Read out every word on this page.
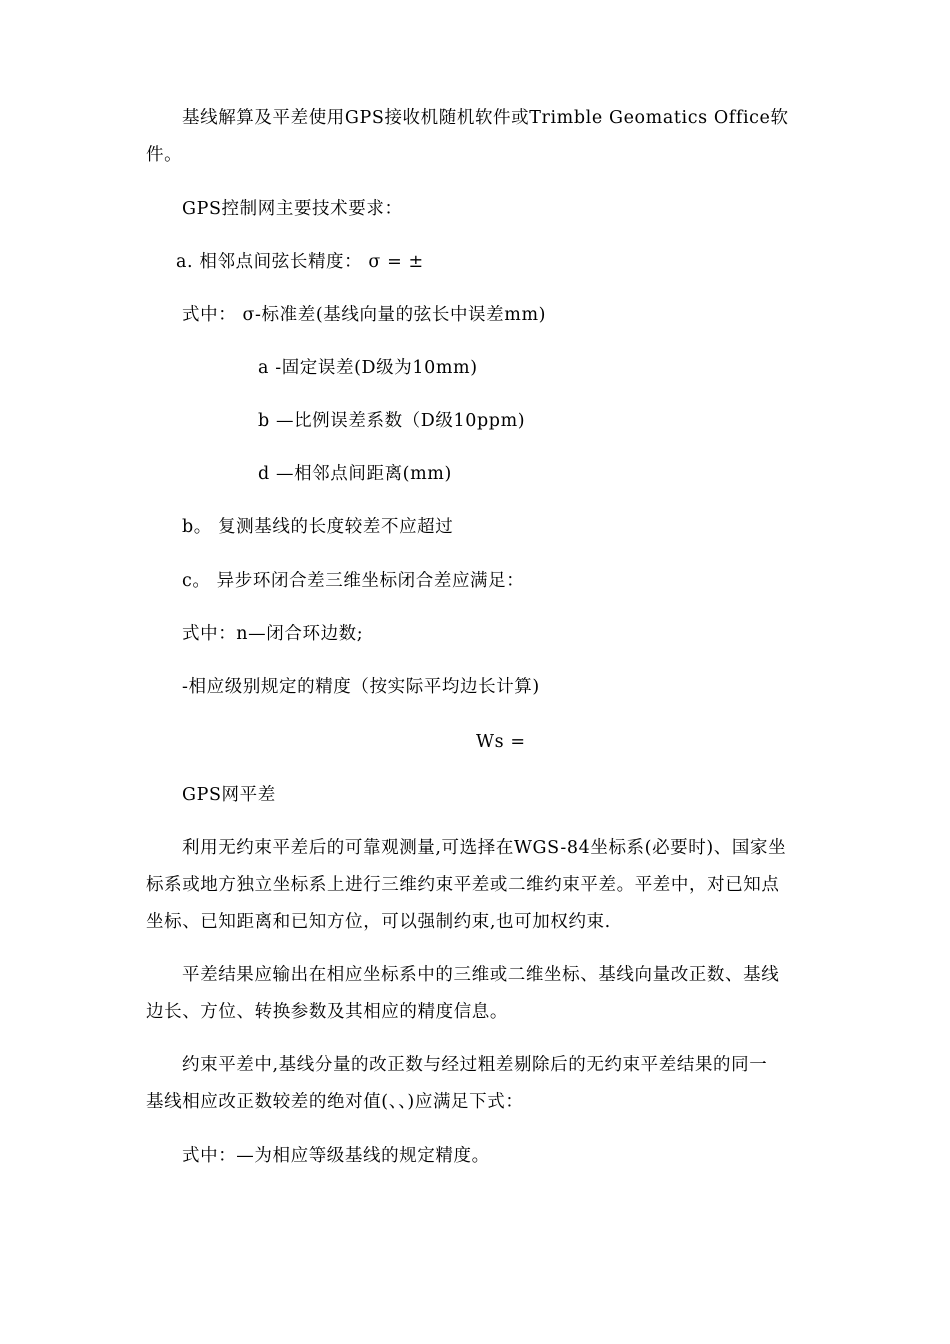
基线解算及平差使用GPS接收机随机软件或Trimble Geomatics Office软
件。
GPS控制网主要技术要求：
a. 相邻点间弦长精度： σ = ±
式中： σ-标准差(基线向量的弦长中误差mm)
a -固定误差(D级为10mm)
b —比例误差系数（D级10ppm)
d —相邻点间距离(mm)
b。 复测基线的长度较差不应超过
c。 异步环闭合差三维坐标闭合差应满足：
式中：n—闭合环边数;
-相应级别规定的精度（按实际平均边长计算)
Ws =
GPS网平差
利用无约束平差后的可靠观测量,可选择在WGS-84坐标系(必要时)、国家坐
标系或地方独立坐标系上进行三维约束平差或二维约束平差。平差中，对已知点
坐标、已知距离和已知方位，可以强制约束,也可加权约束.
平差结果应输出在相应坐标系中的三维或二维坐标、基线向量改正数、基线
边长、方位、转换参数及其相应的精度信息。
约束平差中,基线分量的改正数与经过粗差剔除后的无约束平差结果的同一
基线相应改正数较差的绝对值(、、)应满足下式：
式中：—为相应等级基线的规定精度。
